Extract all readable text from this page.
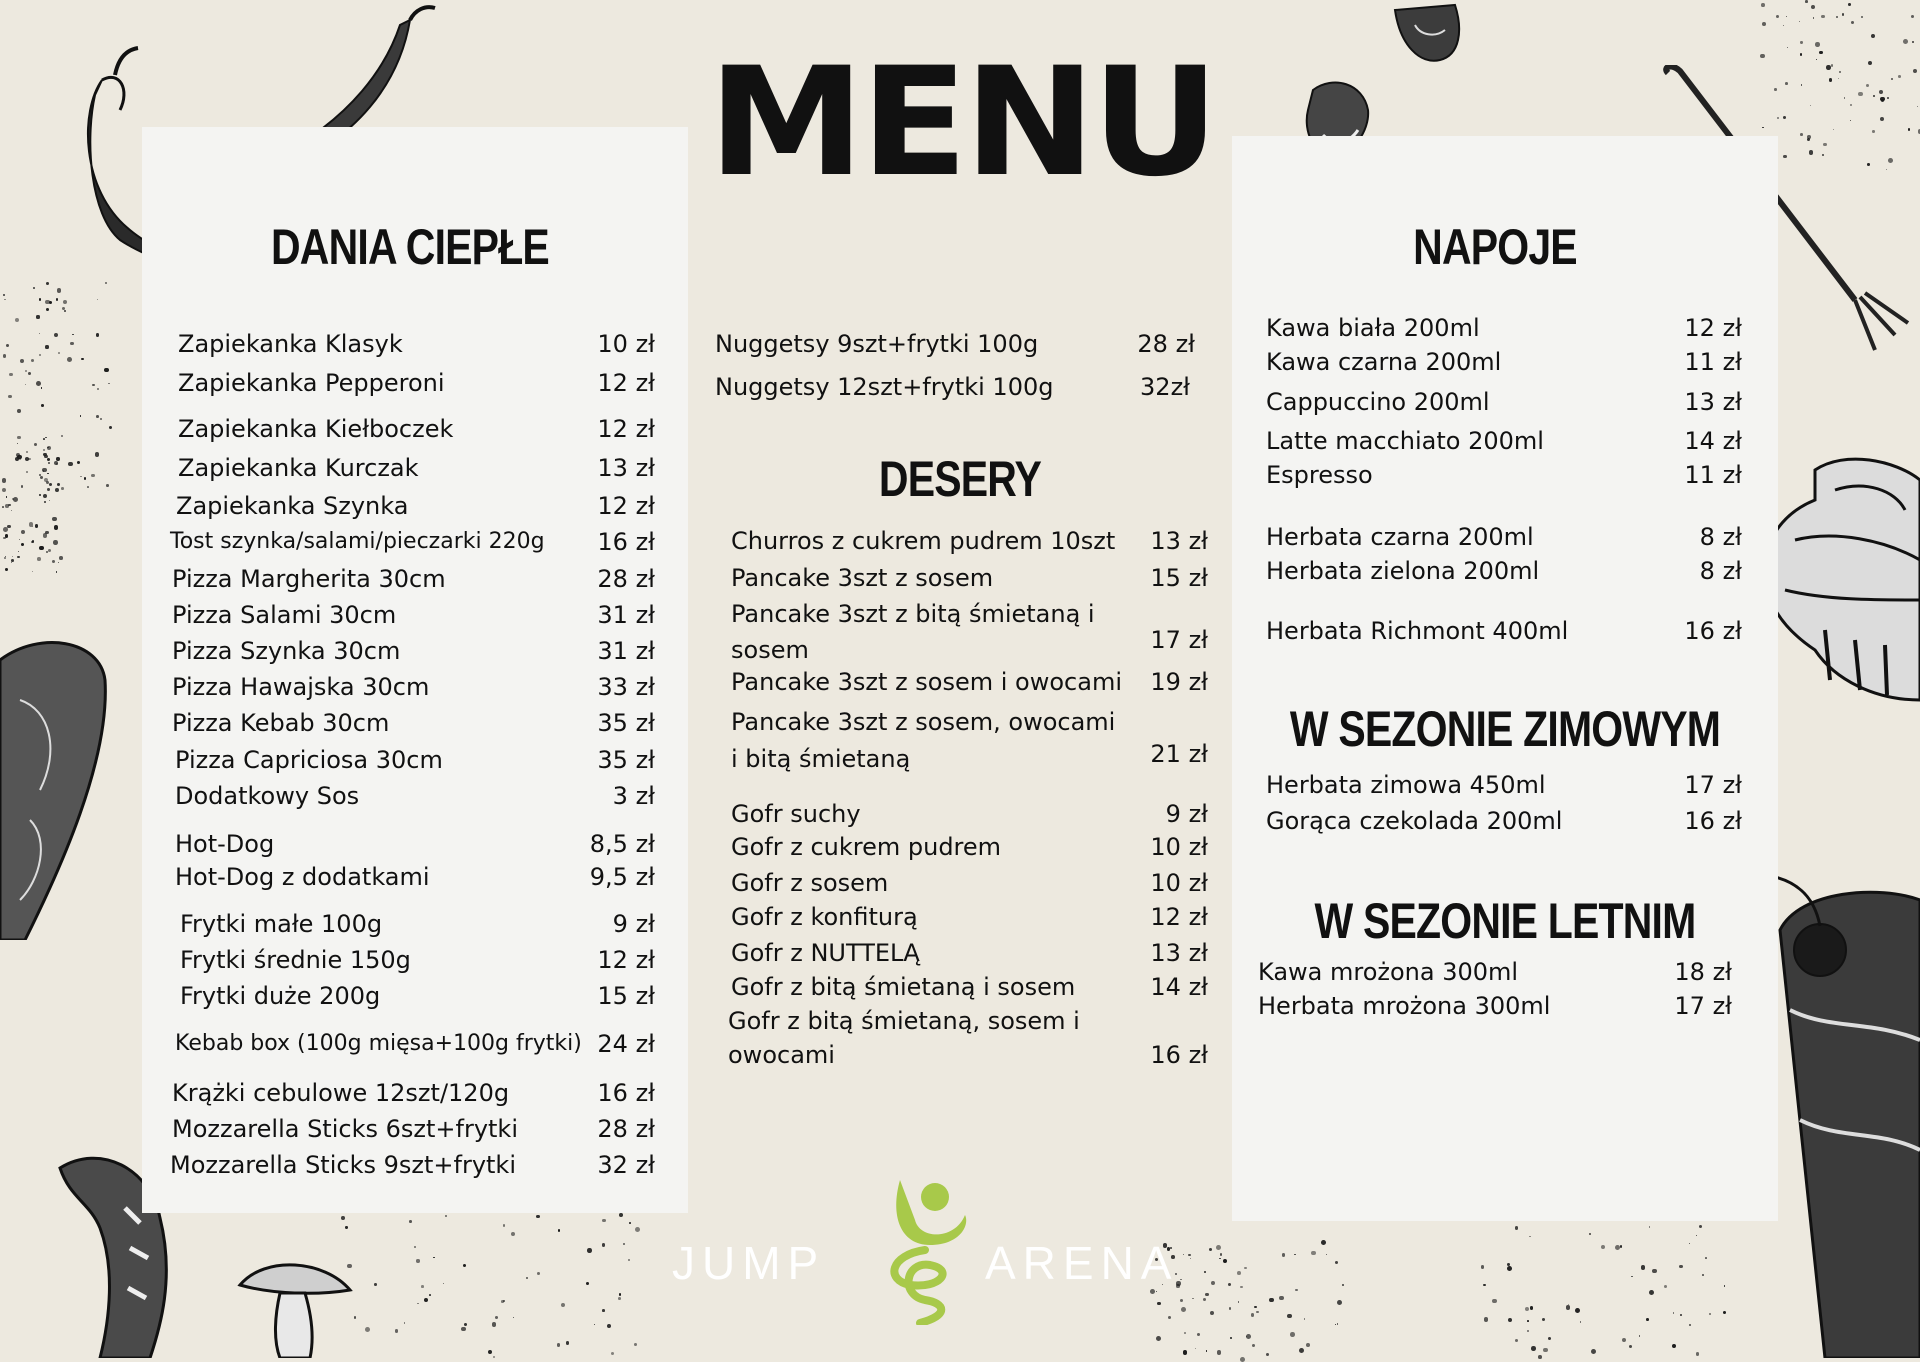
MENU
DANIA CIEPŁE
DESERY
NAPOJE
W SEZONIE ZIMOWYM
W SEZONIE LETNIM
Zapiekanka Klasyk	10 zł
Zapiekanka Pepperoni	12 zł
Zapiekanka Kiełboczek	12 zł
Zapiekanka Kurczak	13 zł
Zapiekanka Szynka	12 zł
Tost szynka/salami/pieczarki 220g	16 zł
Pizza Margherita 30cm	28 zł
Pizza Salami 30cm	31 zł
Pizza Szynka 30cm	31 zł
Pizza Hawajska 30cm	33 zł
Pizza Kebab 30cm	35 zł
Pizza Capriciosa 30cm	35 zł
Dodatkowy Sos	3 zł
Hot-Dog	8,5 zł
Hot-Dog z dodatkami	9,5 zł
Frytki małe 100g	9 zł
Frytki średnie 150g	12 zł
Frytki duże 200g	15 zł
Kebab box (100g mięsa+100g frytki) 24 zł
Krążki cebulowe 12szt/120g	16 zł
Mozzarella Sticks 6szt+frytki	28 zł
Mozzarella Sticks 9szt+frytki	32 zł
Nuggetsy 9szt+frytki 100g	28 zł
Nuggetsy 12szt+frytki 100g	32zł
Churros z cukrem pudrem 10szt	13 zł
Pancake 3szt z sosem	15 zł
Pancake 3szt z bitą śmietaną i
sosem	17 zł
Pancake 3szt z sosem i owocami	19 zł
Pancake 3szt z sosem, owocami
i bitą śmietaną	21 zł
Gofr suchy	9 zł
Gofr z cukrem pudrem	10 zł
Gofr z sosem	10 zł
Gofr z konfiturą	12 zł
Gofr z NUTTELĄ	13 zł
Gofr z bitą śmietaną i sosem	14 zł
Gofr z bitą śmietaną, sosem i
owocami	16 zł
Kawa biała 200ml	12 zł
Kawa czarna 200ml	11 zł
Cappuccino 200ml	13 zł
Latte macchiato 200ml	14 zł
Espresso	11 zł
Herbata czarna 200ml	8 zł
Herbata zielona 200ml	8 zł
Herbata Richmont 400ml	16 zł
Herbata zimowa 450ml	17 zł
Gorąca czekolada 200ml	16 zł
Kawa mrożona 300ml	18 zł
Herbata mrożona 300ml	17 zł
JUMP	ARENA
